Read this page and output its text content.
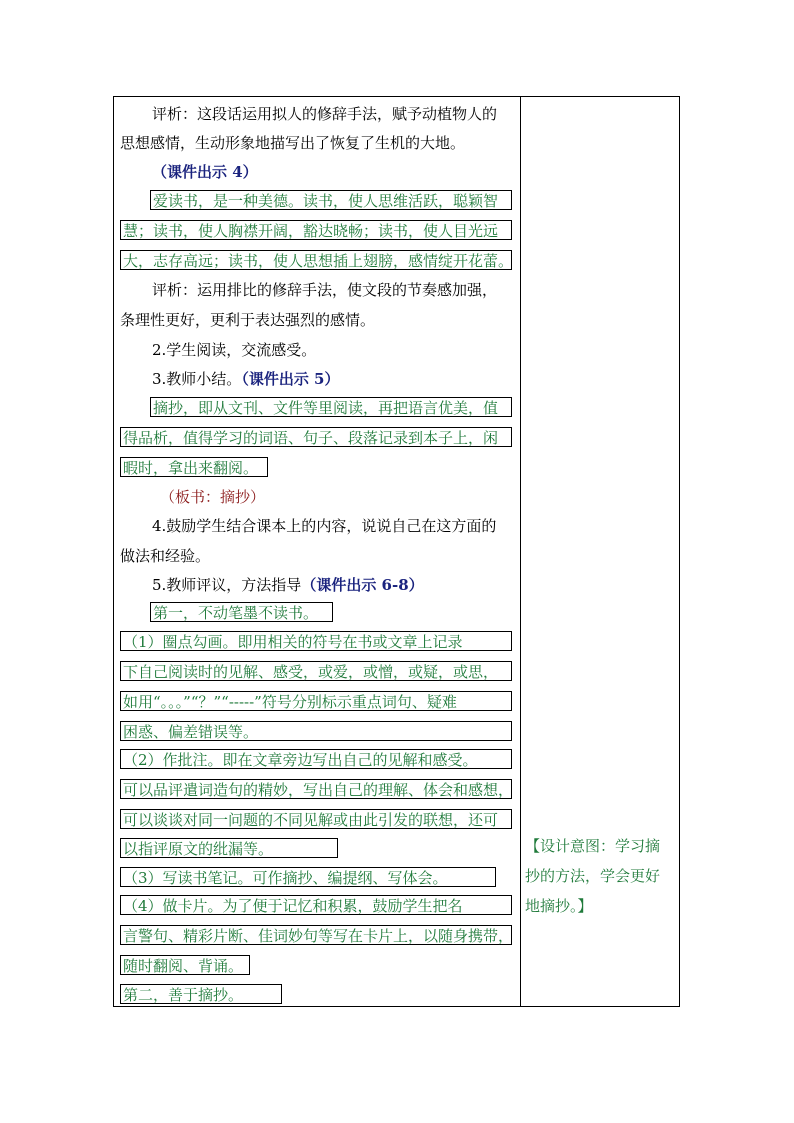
评析：这段话运用拟人的修辞手法，赋予动植物人的
思想感情，生动形象地描写出了恢复了生机的大地。
（课件出示 4）
爱读书，是一种美德。读书，使人思维活跃，聪颖智
慧；读书，使人胸襟开阔，豁达晓畅；读书，使人目光远
大，志存高远；读书，使人思想插上翅膀，感情绽开花蕾。
评析：运用排比的修辞手法，使文段的节奏感加强，
条理性更好，更利于表达强烈的感情。
2.学生阅读，交流感受。
3.教师小结。（课件出示 5）
摘抄，即从文刊、文件等里阅读，再把语言优美，值
得品析，值得学习的词语、句子、段落记录到本子上，闲
暇时，拿出来翻阅。
（板书：摘抄）
4.鼓励学生结合课本上的内容，说说自己在这方面的
做法和经验。
5.教师评议，方法指导（课件出示 6-8）
第一，不动笔墨不读书。
（1）圈点勾画。即用相关的符号在书或文章上记录
下自己阅读时的见解、感受，或爱，或憎，或疑，或思，
如用“。。。”“？”“-----”符号分别标示重点词句、疑难
困惑、偏差错误等。
（2）作批注。即在文章旁边写出自己的见解和感受。
可以品评遣词造句的精妙，写出自己的理解、体会和感想，
可以谈谈对同一问题的不同见解或由此引发的联想，还可
以指评原文的纰漏等。
（3）写读书笔记。可作摘抄、编提纲、写体会。
（4）做卡片。为了便于记忆和积累，鼓励学生把名
言警句、精彩片断、佳词妙句等写在卡片上，以随身携带，
随时翻阅、背诵。
第二，善于摘抄。
【设计意图：学习摘
抄的方法，学会更好
地摘抄。】
